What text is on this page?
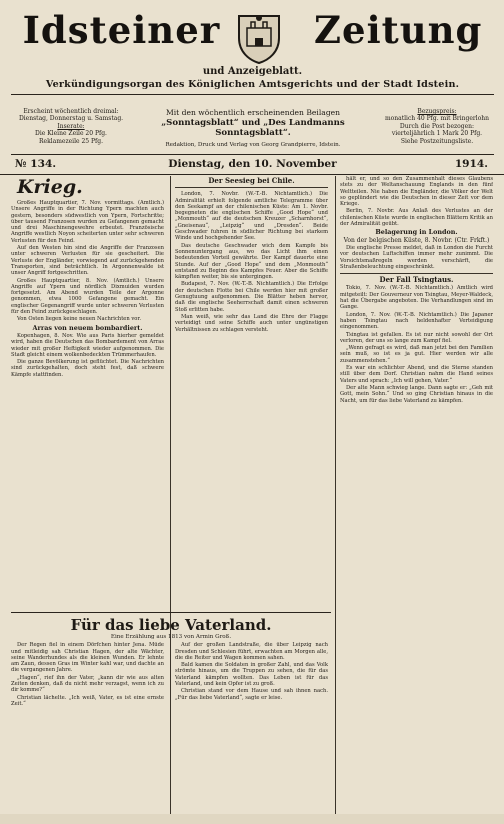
Idsteiner	Zeitung
und Anzeigeblatt.
Verkündigungsorgan des Königlichen Amtsgerichts und der Stadt Idstein.
Erscheint wöchentlich dreimal:
Dienstag, Donnerstag u. Samstag.
Inserate:
Die Kleine Zeile 20 Pfg.
Reklamezeile 25 Pfg.
Mit den wöchentlich erscheinenden Beilagen
„Sonntagsblatt“ und „Des Landmanns Sonntagsblatt“.
Redaktion, Druck und Verlag von Georg Grandpierre, Idstein.
Bezugspreis:
monatlich 40 Pfg. mit Bringerlohn
Durch die Post bezogen:
vierteljährlich 1 Mark 20 Pfg.
Siehe Postzeitungsliste.
№ 134.	Dienstag, den 10. November	1914.
Krieg.

Großes Hauptquartier, 7. Nov. vormittags. (Amtlich.) Unsere Angriffe in der Richtung Ypern machten auch gestern, besonders südwestlich von Ypern, Fortschritte; über tausend Franzosen wurden zu Gefangenen gemacht und drei Maschinengewehre erbeutet. Französische Angriffe westlich Noyon scheiterten unter sehr schweren Verlusten für den Feind.

Auf den Westen hin sind die Angriffe der Franzosen unter schweren Verlusten für sie gescheitert. Die Verluste der Engländer, vorwiegend auf zurückgehenden Transporten, sind beträchtlich. In Argonnenwalde ist unser Angriff fortgeschritten.

Großes Hauptquartier, 8. Nov. (Amtlich.) Unsere Angriffe auf Ypern und nördlich Dixmuiden wurden fortgesetzt. Am Abend wurden Teile der Argonne genommen, etwa 1000 Gefangene gemacht. Ein englischer Gegenangriff wurde unter schweren Verlusten für den Feind zurückgeschlagen.

Von Osten liegen keine neuen Nachrichten vor.

Arras von neuem bombardiert.

Kopenhagen, 8. Nov. Wie aus Paris hierher gemeldet wird, haben die Deutschen das Bombardement von Arras wieder mit großer Heftigkeit wieder aufgenommen. Die Stadt gleicht einem wolkenbedeckten Trümmerhaufen.

Die ganze Bevölkerung ist geflüchtet. Die Nachrichten sind zurückgehalten, doch steht fest, daß schwere Kämpfe stattfinden.

Der Seesieg bei Chile.

London, 7. Novbr. (W.-T.-B. Nichtamtlich.) Die Admiralität erhielt folgende amtliche Telegramme über den Seekampf an der chilenischen Küste: Am 1. Novbr. begegneten die englischen Schiffe „Good Hope“ und „Monmouth“ auf die deutschen Kreuzer „Scharnhorst“, „Gneisenau“, „Leipzig“ und „Dresden“. Beide Geschwader fuhren in südlicher Richtung bei starkem Winde und hochgehender See.

Das deutsche Geschwader wich dem Kampfe bis Sonnenuntergang aus, wo das Licht ihm einen bedeutenden Vorteil gewährte. Der Kampf dauerte eine Stunde. Auf der „Good Hope“ und dem „Monmouth“ entstand zu Beginn des Kampfes Feuer. Aber die Schiffe kämpften weiter, bis sie untergingen.

Budapest, 7. Nov. (W.-T.-B. Nichtamtlich.) Die Erfolge der deutschen Flotte bei Chile werden hier mit großer Genugtuung aufgenommen. Die Blätter heben hervor, daß die englische Seeherrschaft damit einen schweren Stoß erlitten habe.

Man weiß, wie sehr das Land die Ehre der Flagge verteidigt und seine Schiffe auch unter ungünstigen Verhältnissen zu schlagen versteht.

hält er, und so den Zusammenhalt dieses Glaubens stets zu der Weltanschauung Englands in den fünf Weltteilen. Nie haben die Engländer, die Völker der Welt so geplündert wie die Deutschen in dieser Zeit vor dem Kriege.

Berlin, 7. Novbr. Aus Anlaß des Verlustes an der chilenischen Küste wurde in englischen Blättern Kritik an der Admiralität geübt.

Belagerung in London.
Von der belgischen Küste, 8. Novbr. (Ctr. Frkft.)

Die englische Presse meldet, daß in London die Furcht vor deutschen Luftschiffen immer mehr zunimmt. Die Vorsichtsmaßregeln werden verschärft, die Straßenbeleuchtung eingeschränkt.

Der Fall Tsingtaus.

Tokio, 7. Nov. (W.-T.-B. Nichtamtlich.) Amtlich wird mitgeteilt: Der Gouverneur von Tsingtau, Meyer-Waldeck, hat die Übergabe angeboten. Die Verhandlungen sind im Gange.

London, 7. Nov. (W.-T.-B. Nichtamtlich.) Die Japaner haben Tsingtau nach heldenhafter Verteidigung eingenommen.

Tsingtau ist gefallen. Es ist nur nicht sowohl der Ort verloren, der uns so lange zum Kampf fiel.

„Wenn gefragt es wird, daß man jetzt bei den Familien sein muß, so ist es ja gut. Hier werden wir alle zusammenstehen.“

Es war ein schlichter Abend, und die Sterne standen still über dem Dorf. Christian nahm die Hand seines Vaters und sprach: „Ich will gehen, Vater.“

Der alte Mann schwieg lange. Dann sagte er: „Geh mit Gott, mein Sohn.“ Und so ging Christian hinaus in die Nacht, um für das liebe Vaterland zu kämpfen.

Für das liebe Vaterland.
Eine Erzählung aus 1813 von Armin Groß.

Der Regen fiel in einem Dörfchen hinter Jena. Müde und mitleidig sah Christian Hagen, der alte Wächter, seine Wanderhundes als die kleinen Wunden. Er lehnte am Zaun, dessen Gras im Winter kahl war, und dachte an die vergangenen Jahre.

„Hagen“, rief ihn der Vater, „kann dir wie aus alten Zeiten denken, daß du nicht mehr verzagst, wenn ich zu dir komme?“

Christian lächelte. „Ich weiß, Vater, es ist eine ernste Zeit.“

Auf der großen Landstraße, die über Leipzig nach Dresden und Schlesien führt, erwachten am Morgen alle, die die Reiter und Wagen kommen sahen.

Bald kamen die Soldaten in großer Zahl, und das Volk strömte hinaus, um die Truppen zu sehen, die für das Vaterland kämpfen wollten. Das Leben ist für das Vaterland, und kein Opfer ist zu groß.

Christian stand vor dem Hause und sah ihnen nach. „Für das liebe Vaterland“, sagte er leise.
